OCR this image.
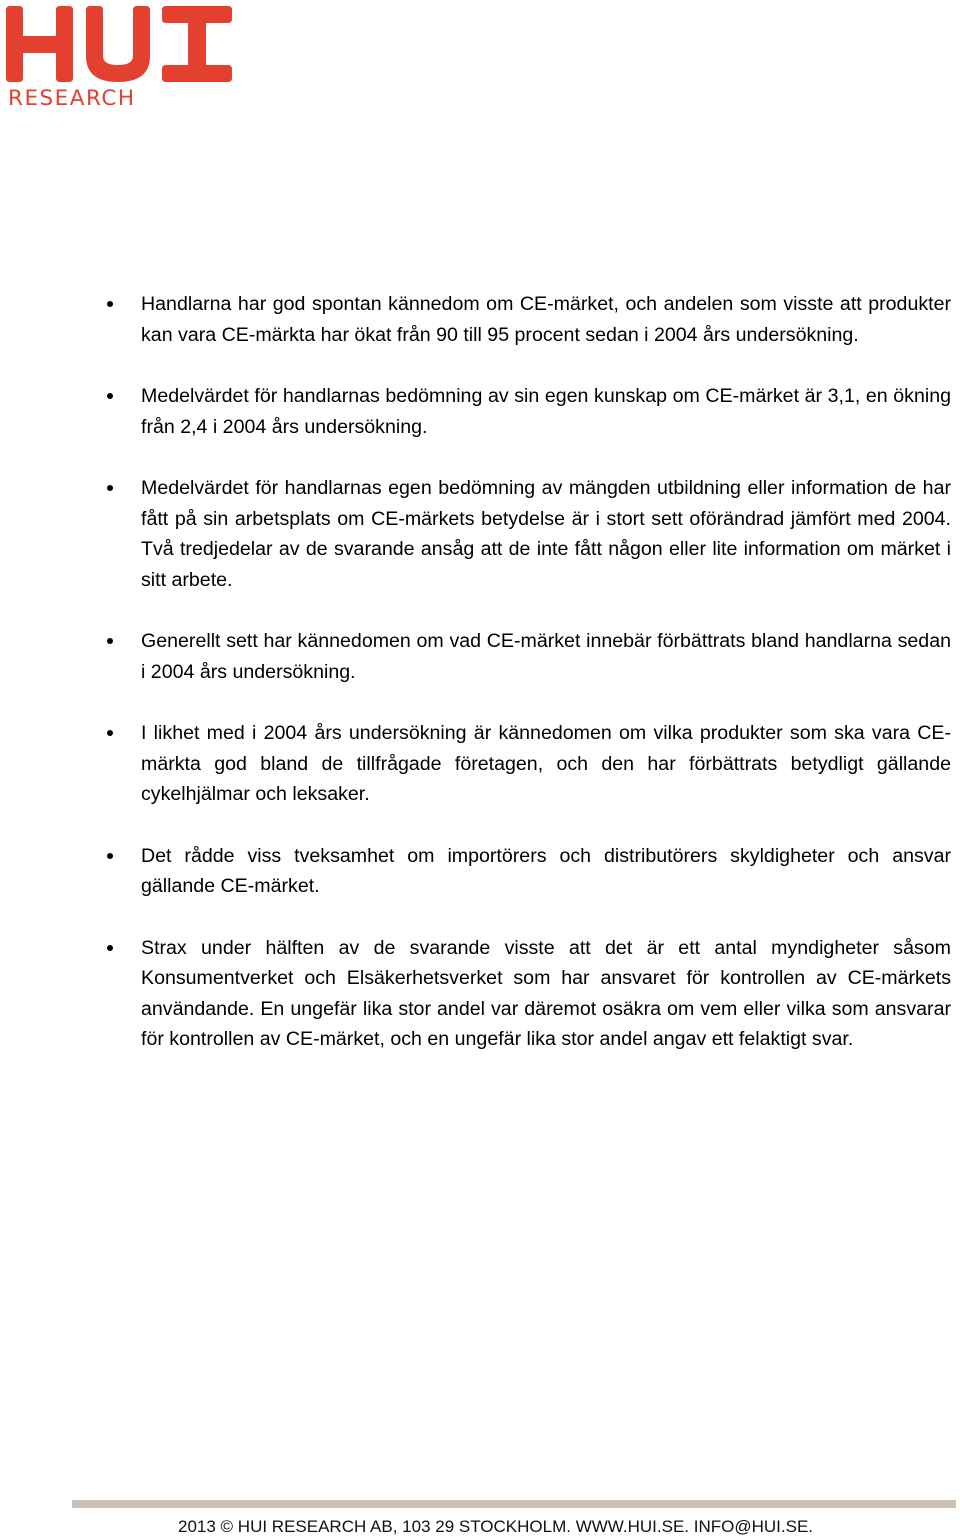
RESEARCH
Handlarna har god spontan kännedom om CE-märket, och andelen som visste att produkter kan vara CE-märkta har ökat från 90 till 95 procent sedan i 2004 års undersökning.
Medelvärdet för handlarnas bedömning av sin egen kunskap om CE-märket är 3,1, en ökning från 2,4 i 2004 års undersökning.
Medelvärdet för handlarnas egen bedömning av mängden utbildning eller information de har fått på sin arbetsplats om CE-märkets betydelse är i stort sett oförändrad jämfört med 2004. Två tredjedelar av de svarande ansåg att de inte fått någon eller lite information om märket i sitt arbete.
Generellt sett har kännedomen om vad CE-märket innebär förbättrats bland handlarna sedan i 2004 års undersökning.
I likhet med i 2004 års undersökning är kännedomen om vilka produkter som ska vara CE-märkta god bland de tillfrågade företagen, och den har förbättrats betydligt gällande cykelhjälmar och leksaker.
Det rådde viss tveksamhet om importörers och distributörers skyldigheter och ansvar gällande CE-märket.
Strax under hälften av de svarande visste att det är ett antal myndigheter såsom Konsumentverket och Elsäkerhetsverket som har ansvaret för kontrollen av CE-märkets användande. En ungefär lika stor andel var däremot osäkra om vem eller vilka som ansvarar för kontrollen av CE-märket, och en ungefär lika stor andel angav ett felaktigt svar.
2013 © HUI RESEARCH AB, 103 29 STOCKHOLM. WWW.HUI.SE. INFO@HUI.SE.
